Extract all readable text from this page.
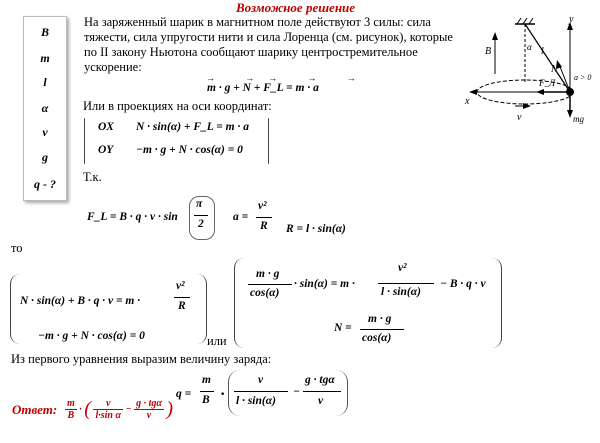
Возможное решение
B
m
l
α
v
g
q - ?
На заряженный шарик в магнитном поле действуют 3 силы: сила тяжести, сила упругости нити и сила Лоренца (см. рисунок), которые по II закону Ньютона сообщают шарику центростремительное ускорение:
m · g + N + F_L = m · a
→ →→ → →
Или в проекциях на оси координат:
OX N · sin(α) + F_L = m · a
OY −m · g + N · cos(α) = 0
Т.к.
F_L = B · q · v · sin
π
2
a =
v²
R R = l · sin(α)
то
N · sin(α) + B · q · v = m ·
v²
R
−m · g + N · cos(α) = 0	или
m · g
cos(α)
· sin(α) = m ·
v²
l · sin(α)
− B · q · v
N =
m · g
cos(α)
Из первого уравнения выразим величину заряда:
q =
m
B ·
v
l · sin(α)
−
g · tgα
v
Ответ: $\frac{m}{B}$ · ( $\frac{v}{\text{l·sin α}} - \frac{\text{g · tgα}}{v}$ )
y
x
B	l
α
N
F_Л
a > 0
v	mg
